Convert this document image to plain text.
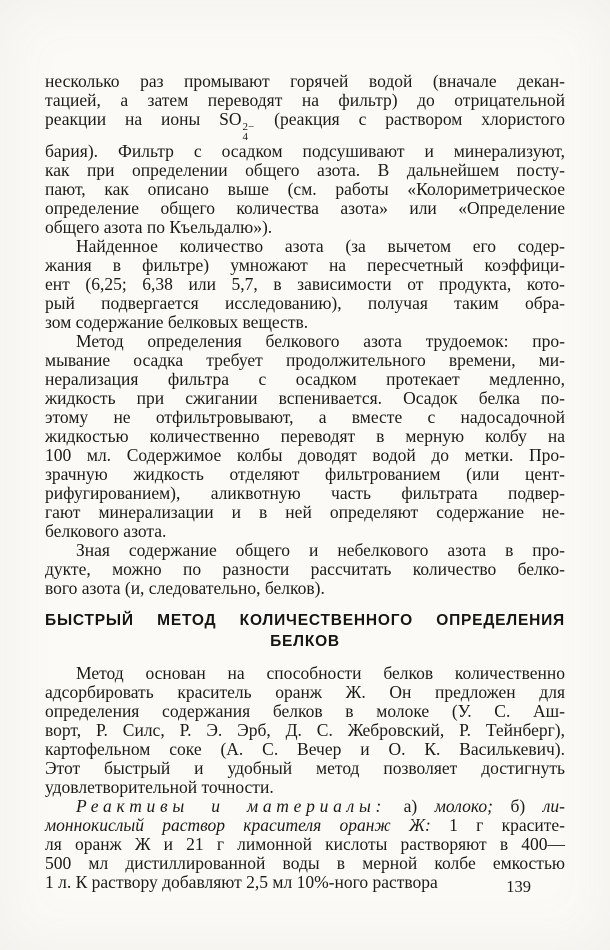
несколько раз промывают горячей водой (вначале декан-
тацией, а затем переводят на фильтр) до отрицательной
реакции на ионы SO 2−
4
(реакция с раствором хлористого
бария). Фильтр с осадком подсушивают и минерализуют,
как при определении общего азота. В дальнейшем посту-
пают, как описано выше (см. работы «Колориметрическое
определение общего количества азота» или «Определение
общего азота по Къельдалю»).
Найденное количество азота (за вычетом его содер-
жания в фильтре) умножают на пересчетный коэффици-
ент (6,25; 6,38 или 5,7, в зависимости от продукта, кото-
рый подвергается исследованию), получая таким обра-
зом содержание белковых веществ.
Метод определения белкового азота трудоемок: про-
мывание осадка требует продолжительного времени, ми-
нерализация фильтра с осадком протекает медленно,
жидкость при сжигании вспенивается. Осадок белка по-
этому не отфильтровывают, а вместе с надосадочной
жидкостью количественно переводят в мерную колбу на
100 мл. Содержимое колбы доводят водой до метки. Про-
зрачную жидкость отделяют фильтрованием (или цент-
рифугированием), аликвотную часть фильтрата подвер-
гают минерализации и в ней определяют содержание не-
белкового азота.
Зная содержание общего и небелкового азота в про-
дукте, можно по разности рассчитать количество белко-
вого азота (и, следовательно, белков).
БЫСТРЫЙ МЕТОД КОЛИЧЕСТВЕННОГО ОПРЕДЕЛЕНИЯ
БЕЛКОВ
Метод основан на способности белков количественно
адсорбировать краситель оранж Ж. Он предложен для
определения содержания белков в молоке (У. С. Аш-
ворт, Р. Силс, Р. Э. Эрб, Д. С. Жебровский, Р. Тейнберг),
картофельном соке (А. С. Вечер и О. К. Василькевич).
Этот быстрый и удобный метод позволяет достигнуть
удовлетворительной точности.
Реактивы и материалы: а) молоко; б) ли-
моннокислый раствор красителя оранж Ж: 1 г красите-
ля оранж Ж и 21 г лимонной кислоты растворяют в 400—
500 мл дистиллированной воды в мерной колбе емкостью
1 л. К раствору добавляют 2,5 мл 10%-ного раствора	139
